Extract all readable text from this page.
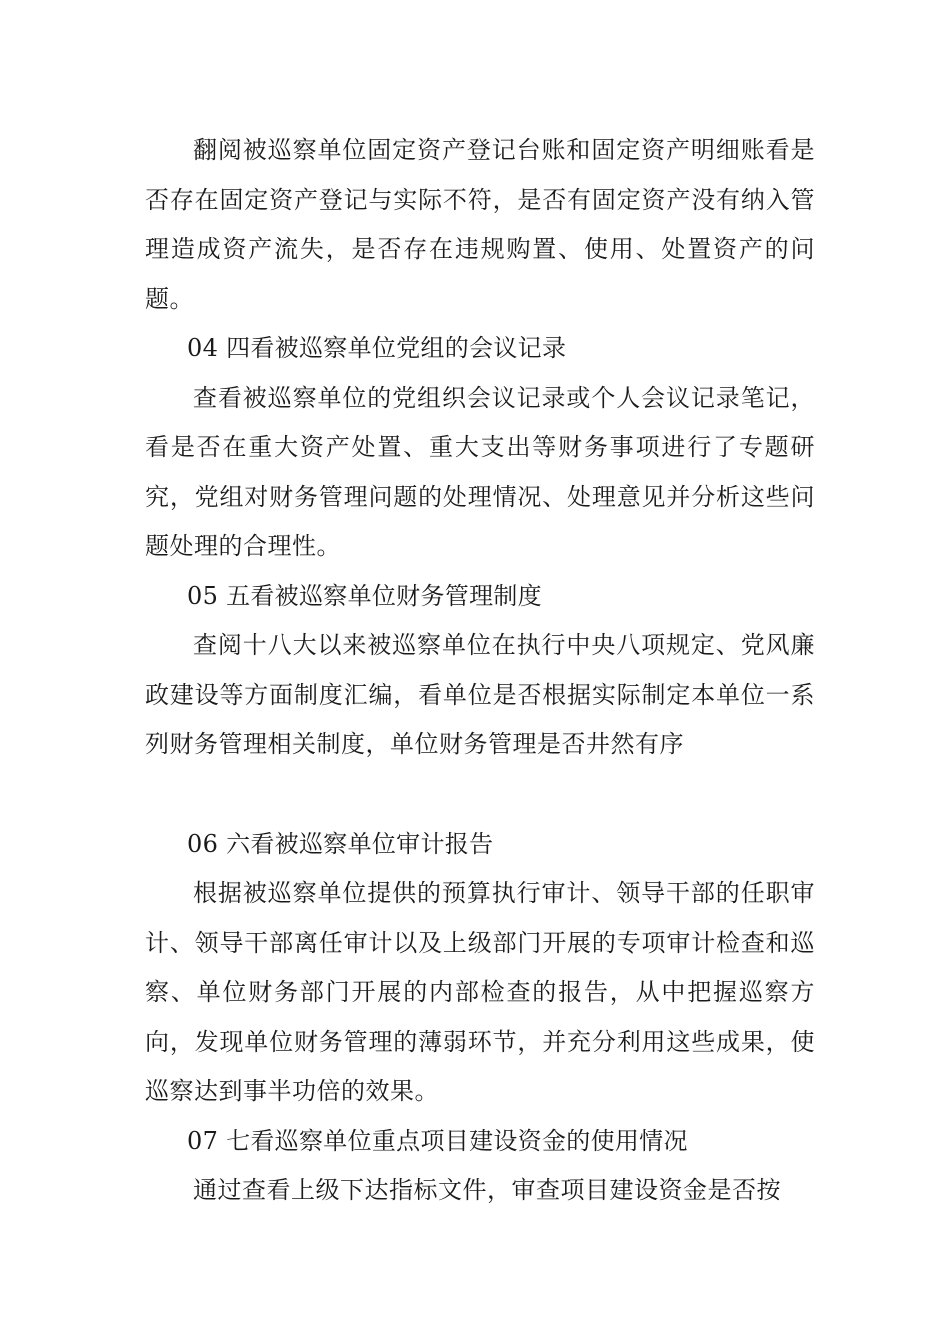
翻阅被巡察单位固定资产登记台账和固定资产明细账看是否存在固定资产登记与实际不符，是否有固定资产没有纳入管理造成资产流失，是否存在违规购置、使用、处置资产的问题。

04 四看被巡察单位党组的会议记录

查看被巡察单位的党组织会议记录或个人会议记录笔记，看是否在重大资产处置、重大支出等财务事项进行了专题研究，党组对财务管理问题的处理情况、处理意见并分析这些问题处理的合理性。

05 五看被巡察单位财务管理制度

查阅十八大以来被巡察单位在执行中央八项规定、党风廉政建设等方面制度汇编，看单位是否根据实际制定本单位一系列财务管理相关制度，单位财务管理是否井然有序

06 六看被巡察单位审计报告

根据被巡察单位提供的预算执行审计、领导干部的任职审计、领导干部离任审计以及上级部门开展的专项审计检查和巡察、单位财务部门开展的内部检查的报告，从中把握巡察方向，发现单位财务管理的薄弱环节，并充分利用这些成果，使巡察达到事半功倍的效果。

07 七看巡察单位重点项目建设资金的使用情况

通过查看上级下达指标文件，审查项目建设资金是否按
